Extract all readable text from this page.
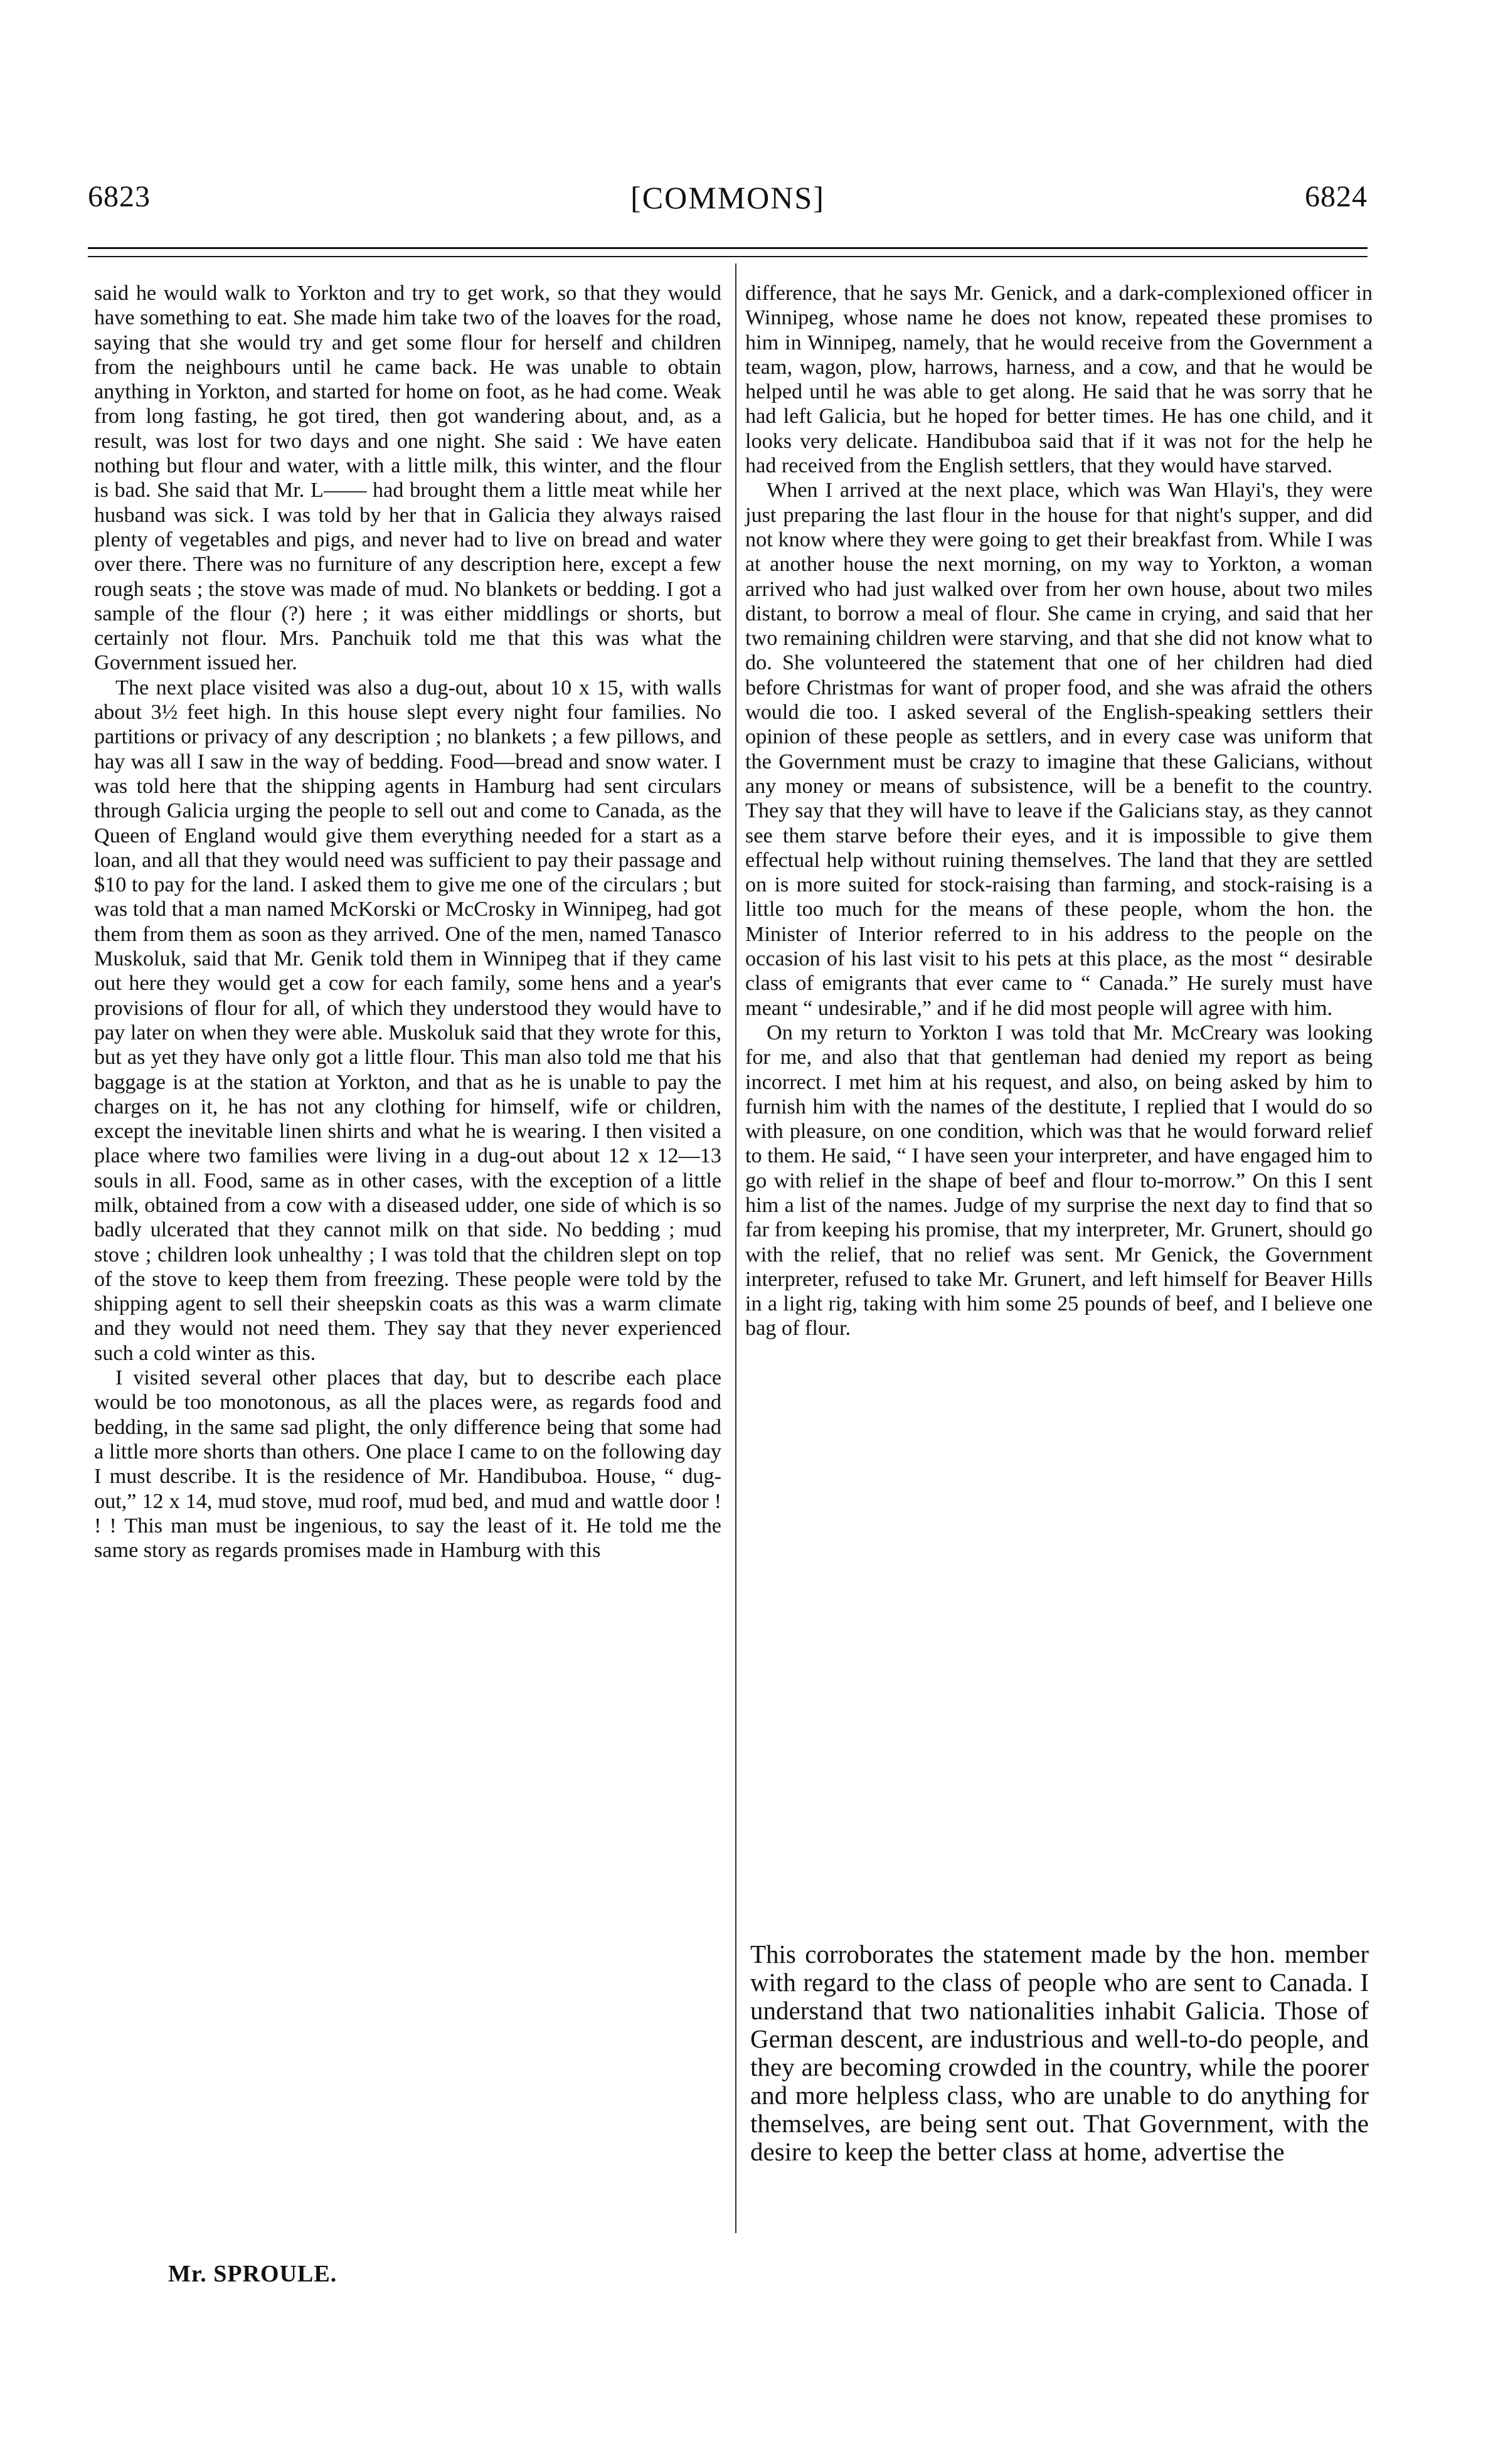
6823	[COMMONS]	6824

said he would walk to Yorkton and try to get work, so that they would have something to eat. She made him take two of the loaves for the road, saying that she would try and get some flour for herself and children from the neighbours until he came back. He was unable to obtain anything in Yorkton, and started for home on foot, as he had come. Weak from long fasting, he got tired, then got wandering about, and, as a result, was lost for two days and one night. She said : We have eaten nothing but flour and water, with a little milk, this winter, and the flour is bad. She said that Mr. L—— had brought them a little meat while her husband was sick. I was told by her that in Galicia they always raised plenty of vegetables and pigs, and never had to live on bread and water over there. There was no furniture of any description here, except a few rough seats ; the stove was made of mud. No blankets or bedding. I got a sample of the flour (?) here ; it was either middlings or shorts, but certainly not flour. Mrs. Panchuik told me that this was what the Government issued her.

The next place visited was also a dug-out, about 10 x 15, with walls about 3½ feet high. In this house slept every night four families. No partitions or privacy of any description ; no blankets ; a few pillows, and hay was all I saw in the way of bedding. Food—bread and snow water. I was told here that the shipping agents in Hamburg had sent circulars through Galicia urging the people to sell out and come to Canada, as the Queen of England would give them everything needed for a start as a loan, and all that they would need was sufficient to pay their passage and $10 to pay for the land. I asked them to give me one of the circulars ; but was told that a man named McKorski or McCrosky in Winnipeg, had got them from them as soon as they arrived. One of the men, named Tanasco Muskoluk, said that Mr. Genik told them in Winnipeg that if they came out here they would get a cow for each family, some hens and a year's provisions of flour for all, of which they understood they would have to pay later on when they were able. Muskoluk said that they wrote for this, but as yet they have only got a little flour. This man also told me that his baggage is at the station at Yorkton, and that as he is unable to pay the charges on it, he has not any clothing for himself, wife or children, except the inevitable linen shirts and what he is wearing. I then visited a place where two families were living in a dug-out about 12 x 12—13 souls in all. Food, same as in other cases, with the exception of a little milk, obtained from a cow with a diseased udder, one side of which is so badly ulcerated that they cannot milk on that side. No bedding ; mud stove ; children look unhealthy ; I was told that the children slept on top of the stove to keep them from freezing. These people were told by the shipping agent to sell their sheepskin coats as this was a warm climate and they would not need them. They say that they never experienced such a cold winter as this.

I visited several other places that day, but to describe each place would be too monotonous, as all the places were, as regards food and bedding, in the same sad plight, the only difference being that some had a little more shorts than others. One place I came to on the following day I must describe. It is the residence of Mr. Handibuboa. House, “ dug-out,” 12 x 14, mud stove, mud roof, mud bed, and mud and wattle door ! ! ! This man must be ingenious, to say the least of it. He told me the same story as regards promises made in Hamburg with this

difference, that he says Mr. Genick, and a dark-complexioned officer in Winnipeg, whose name he does not know, repeated these promises to him in Winnipeg, namely, that he would receive from the Government a team, wagon, plow, harrows, harness, and a cow, and that he would be helped until he was able to get along. He said that he was sorry that he had left Galicia, but he hoped for better times. He has one child, and it looks very delicate. Handibuboa said that if it was not for the help he had received from the English settlers, that they would have starved.

When I arrived at the next place, which was Wan Hlayi's, they were just preparing the last flour in the house for that night's supper, and did not know where they were going to get their breakfast from. While I was at another house the next morning, on my way to Yorkton, a woman arrived who had just walked over from her own house, about two miles distant, to borrow a meal of flour. She came in crying, and said that her two remaining children were starving, and that she did not know what to do. She volunteered the statement that one of her children had died before Christmas for want of proper food, and she was afraid the others would die too. I asked several of the English-speaking settlers their opinion of these people as settlers, and in every case was uniform that the Government must be crazy to imagine that these Galicians, without any money or means of subsistence, will be a benefit to the country. They say that they will have to leave if the Galicians stay, as they cannot see them starve before their eyes, and it is impossible to give them effectual help without ruining themselves. The land that they are settled on is more suited for stock-raising than farming, and stock-raising is a little too much for the means of these people, whom the hon. the Minister of Interior referred to in his address to the people on the occasion of his last visit to his pets at this place, as the most “ desirable class of emigrants that ever came to “ Canada.” He surely must have meant “ undesirable,” and if he did most people will agree with him.

On my return to Yorkton I was told that Mr. McCreary was looking for me, and also that that gentleman had denied my report as being incorrect. I met him at his request, and also, on being asked by him to furnish him with the names of the destitute, I replied that I would do so with pleasure, on one condition, which was that he would forward relief to them. He said, “ I have seen your interpreter, and have engaged him to go with relief in the shape of beef and flour to-morrow.” On this I sent him a list of the names. Judge of my surprise the next day to find that so far from keeping his promise, that my interpreter, Mr. Grunert, should go with the relief, that no relief was sent. Mr Genick, the Government interpreter, refused to take Mr. Grunert, and left himself for Beaver Hills in a light rig, taking with him some 25 pounds of beef, and I believe one bag of flour.

This corroborates the statement made by the hon. member with regard to the class of people who are sent to Canada. I understand that two nationalities inhabit Galicia. Those of German descent, are industrious and well-to-do people, and they are becoming crowded in the country, while the poorer and more helpless class, who are unable to do anything for themselves, are being sent out. That Government, with the desire to keep the better class at home, advertise the

Mr. SPROULE.
